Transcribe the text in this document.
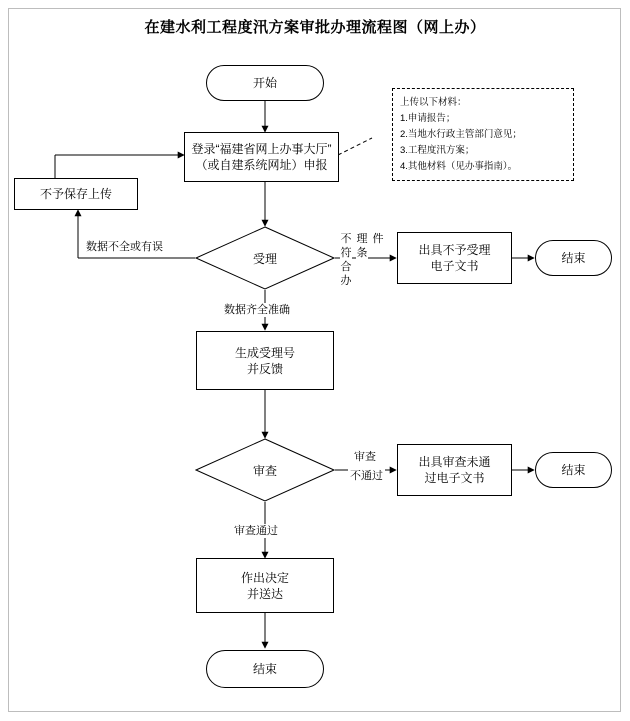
在建水利工程度汛方案审批办理流程图（网上办）
开始
登录“福建省网上办事大厅”
（或自建系统网址）申报
上传以下材料：
1.申请报告；
2.当地水行政主管部门意见；
3.工程度汛方案；
4.其他材料（见办事指南）。
不予保存上传
受理
出具不予受理
电子文书
结束
生成受理号
并反馈
审查
出具审查未通
过电子文书
结束
作出决定
并送达
结束
数据不全或有误
不
符
合
办
理
条
件
数据齐全准确
审查
不通过
审查通过
